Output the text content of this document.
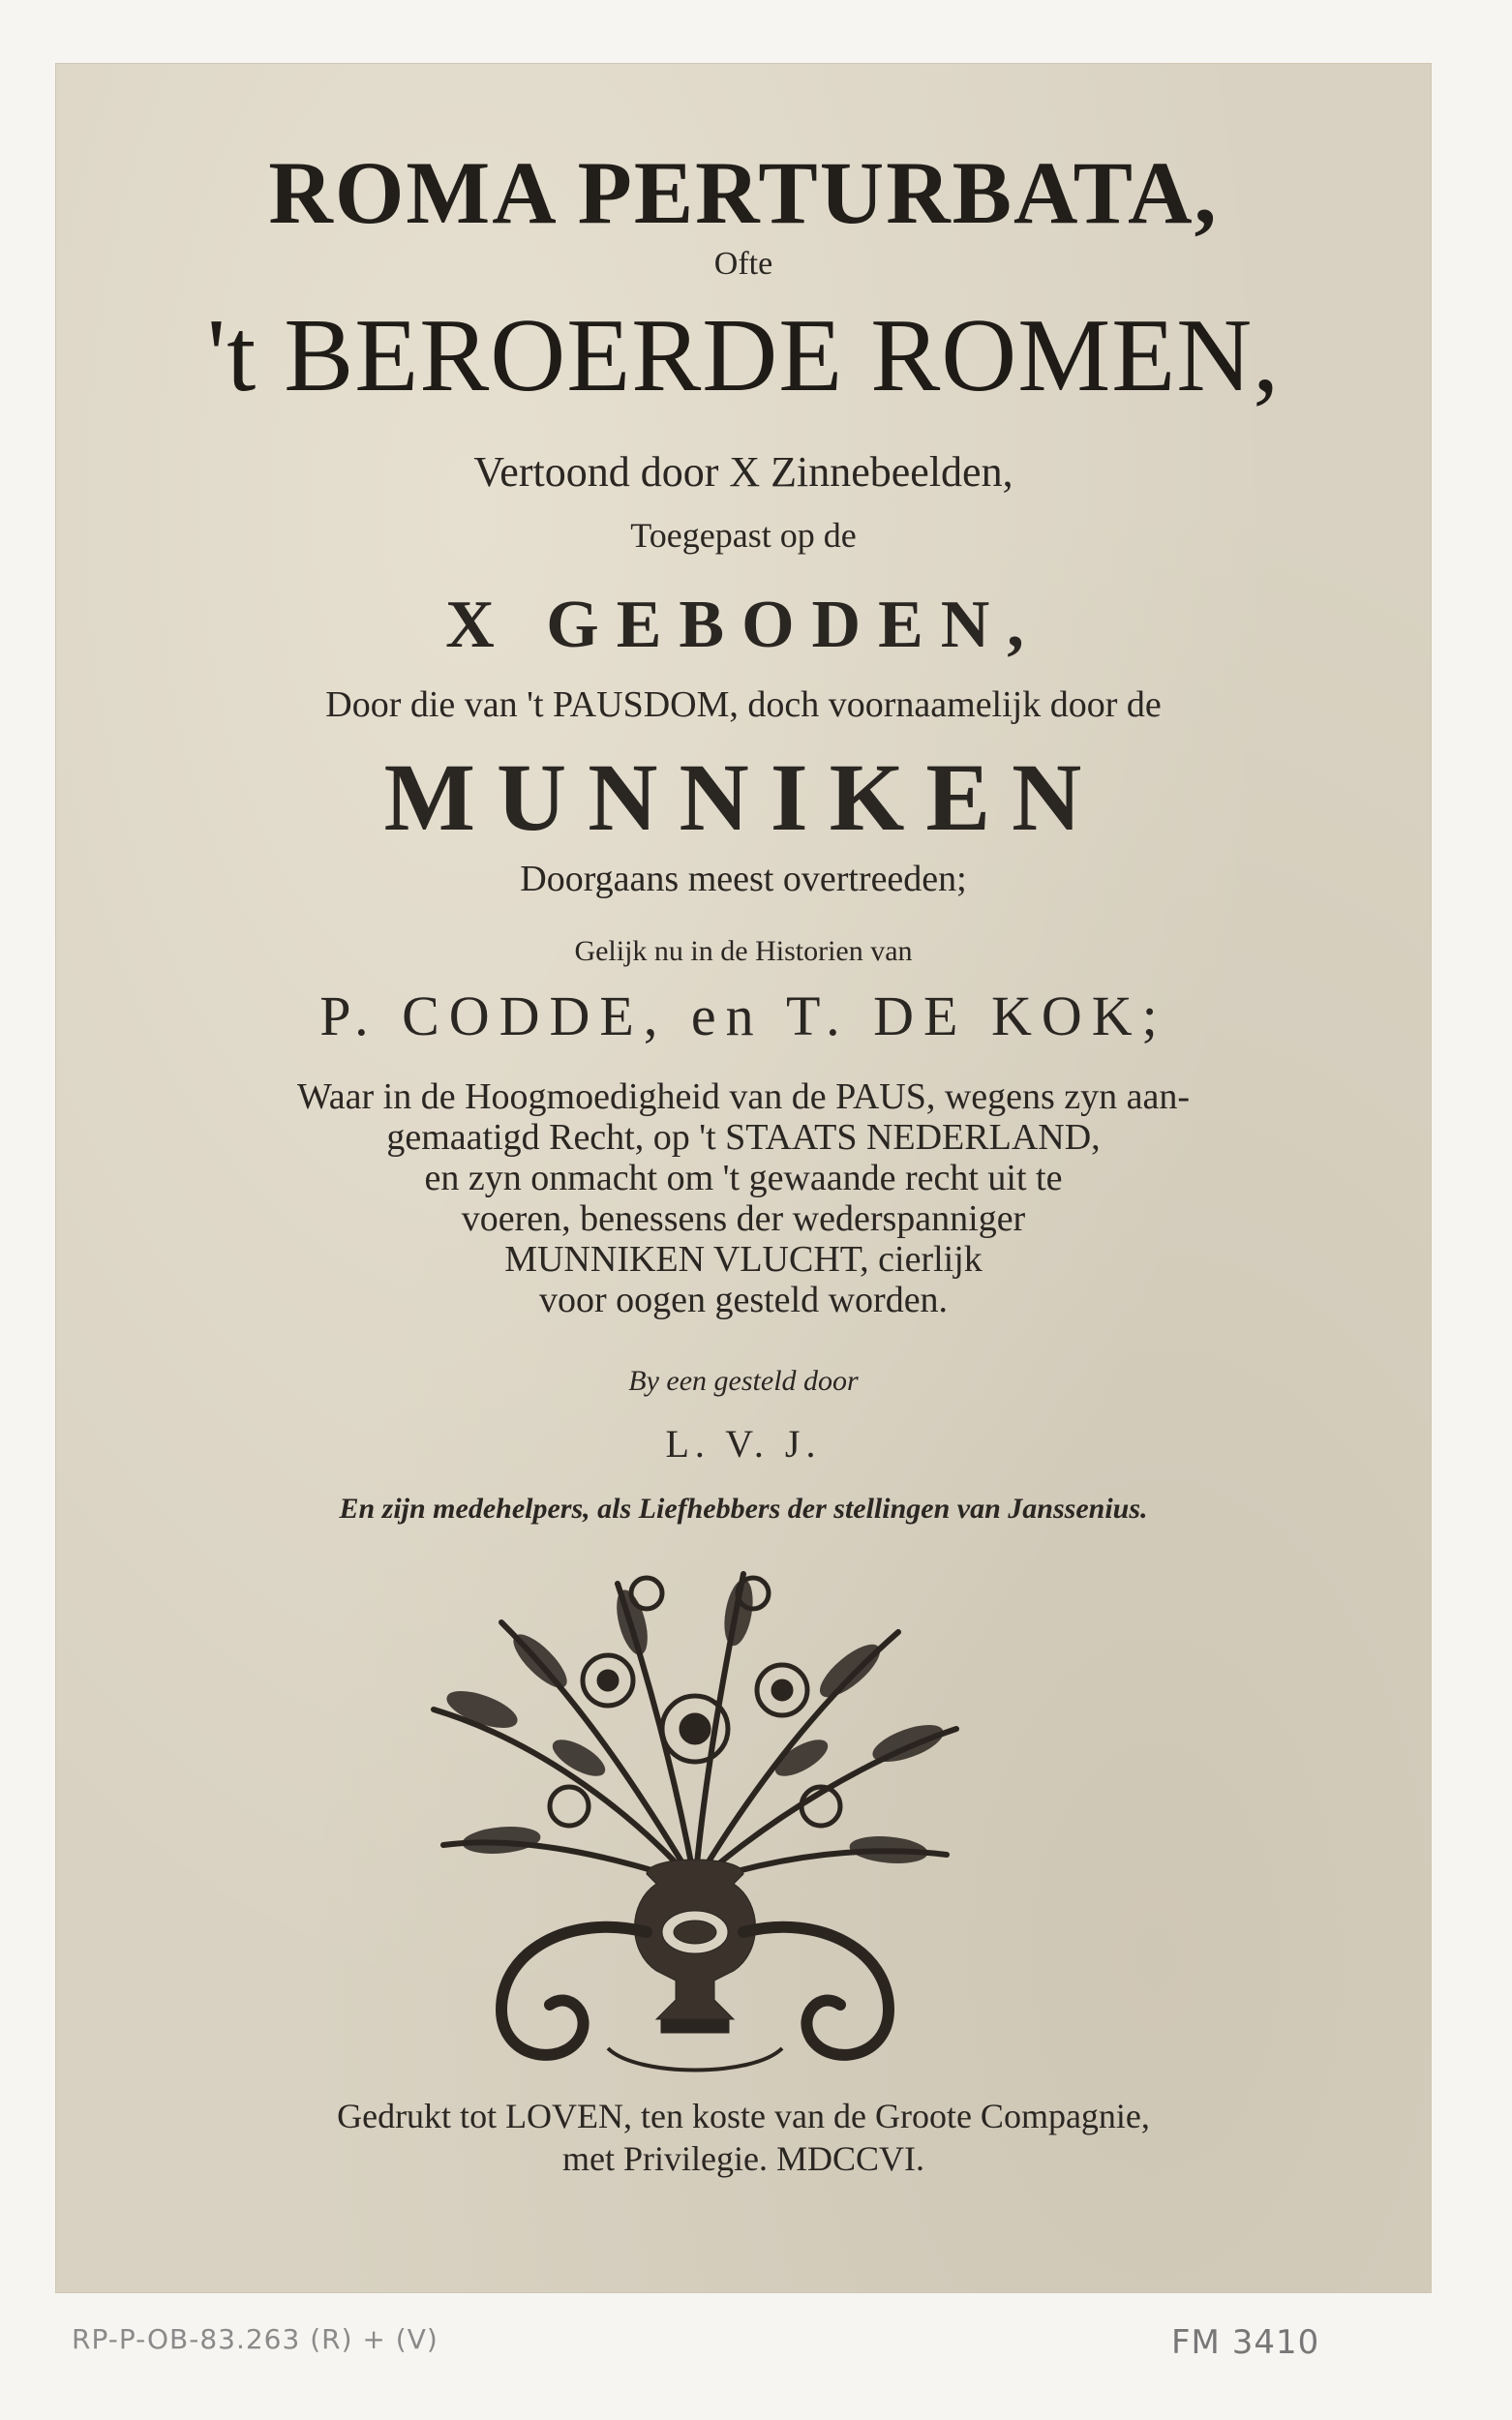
ROMA PERTURBATA,
Ofte
't BEROERDE ROMEN,
Vertoond door X Zinnebeelden,
Toegepast op de
X GEBODEN,
Door die van 't PAUSDOM, doch voornaamelijk door de
MUNNIKEN
Doorgaans meest overtreeden;
Gelijk nu in de Historien van
P. CODDE, en T. DE KOK;
Waar in de Hoogmoedigheid van de PAUS, wegens zyn aan-
gemaatigd Recht, op 't STAATS NEDERLAND,
en zyn onmacht om 't gewaande recht uit te
voeren, benessens der wederspanniger
MUNNIKEN VLUCHT, cierlijk
voor oogen gesteld worden.
By een gesteld door
L. V. J.
En zijn medehelpers, als Liefhebbers der stellingen van Janssenius.
Gedrukt tot LOVEN, ten koste van de Groote Compagnie,
met Privilegie. MDCCVI.
RP-P-OB-83.263 (R) + (V)	FM 3410
